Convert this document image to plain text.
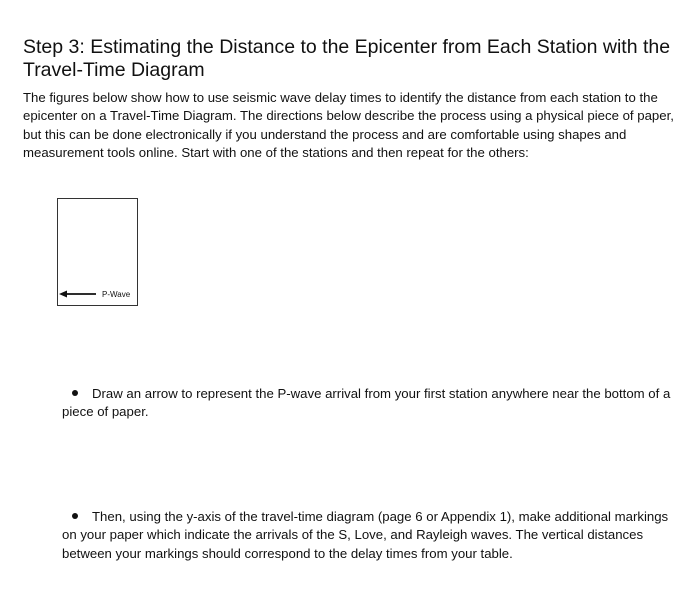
Step 3: Estimating the Distance to the Epicenter from Each Station with the Travel-Time Diagram

The figures below show how to use seismic wave delay times to identify the distance from each station to the epicenter on a Travel-Time Diagram. The directions below describe the process using a physical piece of paper, but this can be done electronically if you understand the process and are comfortable using shapes and measurement tools online. Start with one of the stations and then repeat for the others:

P-Wave

Draw an arrow to represent the P-wave arrival from your first station anywhere near the bottom of a piece of paper.

Then, using the y-axis of the travel-time diagram (page 6 or Appendix 1), make additional markings on your paper which indicate the arrivals of the S, Love, and Rayleigh waves. The vertical distances between your markings should correspond to the delay times from your table.
